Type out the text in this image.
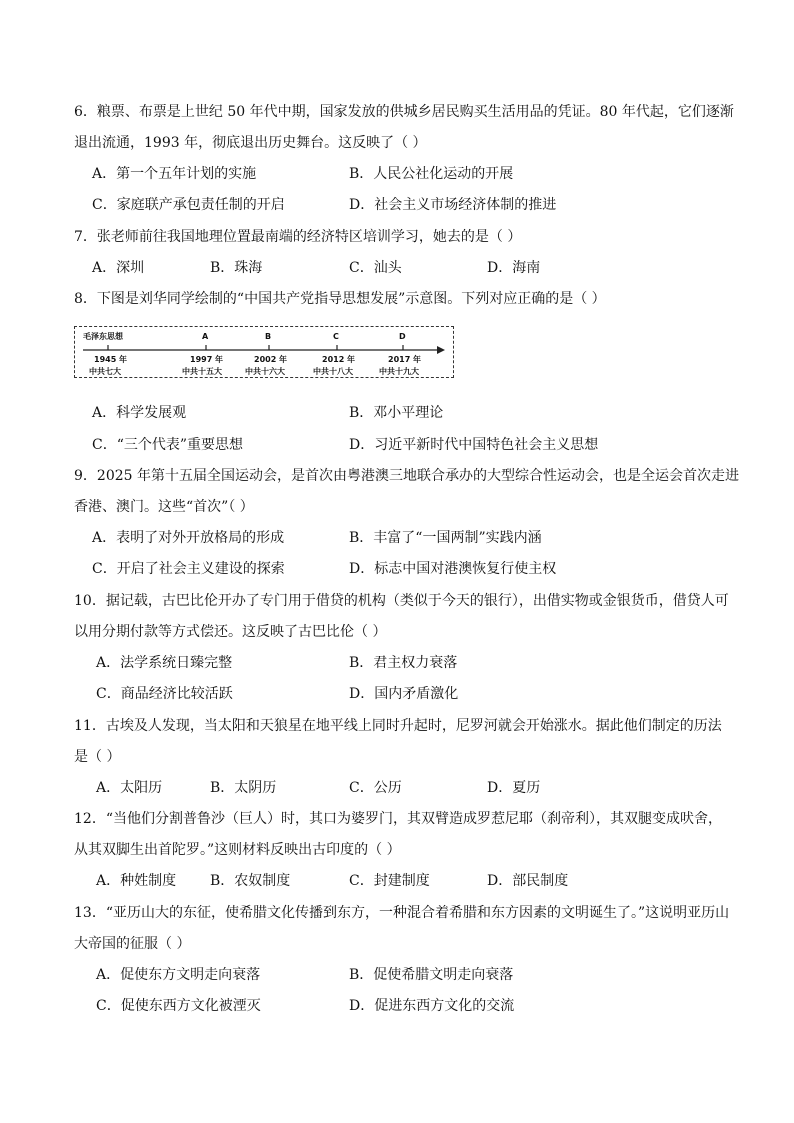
6．粮票、布票是上世纪 50 年代中期，国家发放的供城乡居民购买生活用品的凭证。80 年代起，它们逐渐
退出流通，1993 年，彻底退出历史舞台。这反映了（ ）
A．第一个五年计划的实施	B．人民公社化运动的开展
C．家庭联产承包责任制的开启	D．社会主义市场经济体制的推进
7．张老师前往我国地理位置最南端的经济特区培训学习，她去的是（ ）
A．深圳	B．珠海	C．汕头	D．海南
8．下图是刘华同学绘制的“中国共产党指导思想发展”示意图。下列对应正确的是（ ）
毛泽东思想	A	B	C	D
1945 年
中共七大
1997 年
中共十五大
2002 年
中共十六大
2012 年
中共十八大
2017 年
中共十九大
A．科学发展观	B．邓小平理论
C．“三个代表”重要思想	D．习近平新时代中国特色社会主义思想
9．2025 年第十五届全国运动会，是首次由粤港澳三地联合承办的大型综合性运动会，也是全运会首次走进
香港、澳门。这些“首次”（ ）
A．表明了对外开放格局的形成	B．丰富了“一国两制”实践内涵
C．开启了社会主义建设的探索	D．标志中国对港澳恢复行使主权
10．据记载，古巴比伦开办了专门用于借贷的机构（类似于今天的银行），出借实物或金银货币，借贷人可
以用分期付款等方式偿还。这反映了古巴比伦（ ）
A．法学系统日臻完整	B．君主权力衰落
C．商品经济比较活跃	D．国内矛盾激化
11．古埃及人发现，当太阳和天狼星在地平线上同时升起时，尼罗河就会开始涨水。据此他们制定的历法
是（ ）
A．太阳历	B．太阴历	C．公历	D．夏历
12．“当他们分割普鲁沙（巨人）时，其口为婆罗门，其双臂造成罗惹尼耶（刹帝利），其双腿变成吠舍，
从其双脚生出首陀罗。”这则材料反映出古印度的（ ）
A．种姓制度 B．农奴制度	C．封建制度	D．部民制度
13．“亚历山大的东征，使希腊文化传播到东方，一种混合着希腊和东方因素的文明诞生了。”这说明亚历山
大帝国的征服（ ）
A．促使东方文明走向衰落	B．促使希腊文明走向衰落
C．促使东西方文化被湮灭	D．促进东西方文化的交流
